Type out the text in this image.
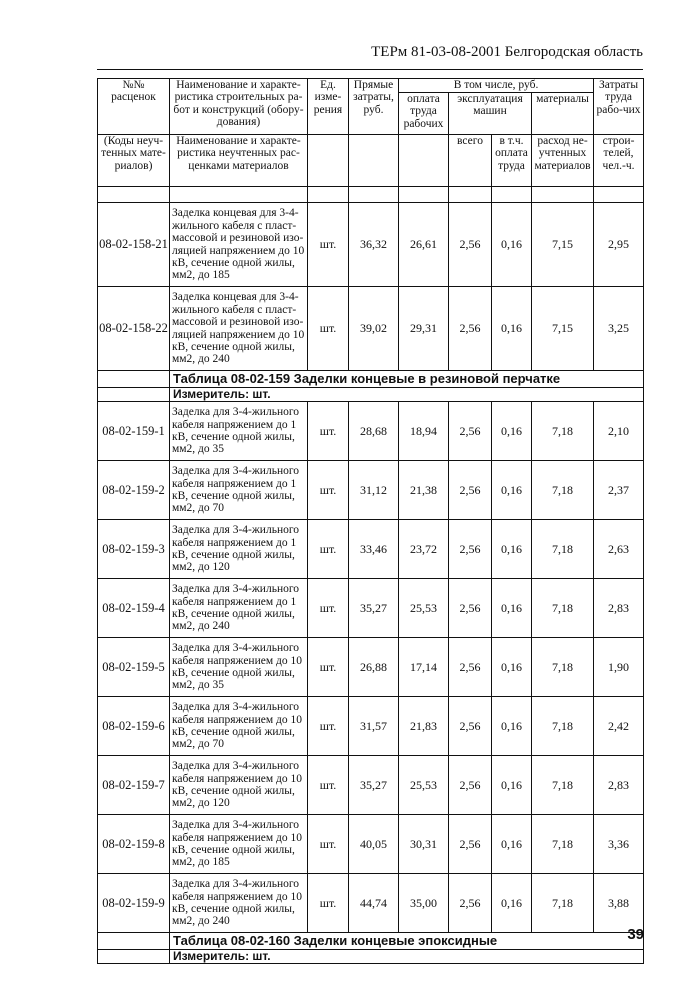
ТЕРм 81-03-08-2001 Белгородская область
№№ расценок	Наименование и характе-ристика строительных ра-бот и конструкций (обору-дования)	Ед. изме-рения	Прямые затраты, руб.	В том числе, руб.				Затраты труда рабо-чих
				оплата труда рабочих	эксплуатация машин		материалы	

(Коды неуч-тенных мате-риалов)	Наименование и характе-ристика неучтенных рас-ценками материалов				всего	в т.ч. оплата труда	расход не-учтенных материалов	строи-телей, чел.-ч.

08-02-158-21	Заделка концевая для 3-4-жильного кабеля с пласт-массовой и резиновой изо-ляцией напряжением до 10 кВ, сечение одной жилы, мм2, до 185	шт.	36,32	26,61	2,56	0,16	7,15	2,95
08-02-158-22	Заделка концевая для 3-4-жильного кабеля с пласт-массовой и резиновой изо-ляцией напряжением до 10 кВ, сечение одной жилы, мм2, до 240	шт.	39,02	29,31	2,56	0,16	7,15	3,25
	Таблица 08-02-159 Заделки концевые в резиновой перчатке							
	Измеритель: шт.							
08-02-159-1	Заделка для 3-4-жильного кабеля напряжением до 1 кВ, сечение одной жилы, мм2, до 35	шт.	28,68	18,94	2,56	0,16	7,18	2,10
08-02-159-2	Заделка для 3-4-жильного кабеля напряжением до 1 кВ, сечение одной жилы, мм2, до 70	шт.	31,12	21,38	2,56	0,16	7,18	2,37
08-02-159-3	Заделка для 3-4-жильного кабеля напряжением до 1 кВ, сечение одной жилы, мм2, до 120	шт.	33,46	23,72	2,56	0,16	7,18	2,63
08-02-159-4	Заделка для 3-4-жильного кабеля напряжением до 1 кВ, сечение одной жилы, мм2, до 240	шт.	35,27	25,53	2,56	0,16	7,18	2,83
08-02-159-5	Заделка для 3-4-жильного кабеля напряжением до 10 кВ, сечение одной жилы, мм2, до 35	шт.	26,88	17,14	2,56	0,16	7,18	1,90
08-02-159-6	Заделка для 3-4-жильного кабеля напряжением до 10 кВ, сечение одной жилы, мм2, до 70	шт.	31,57	21,83	2,56	0,16	7,18	2,42
08-02-159-7	Заделка для 3-4-жильного кабеля напряжением до 10 кВ, сечение одной жилы, мм2, до 120	шт.	35,27	25,53	2,56	0,16	7,18	2,83
08-02-159-8	Заделка для 3-4-жильного кабеля напряжением до 10 кВ, сечение одной жилы, мм2, до 185	шт.	40,05	30,31	2,56	0,16	7,18	3,36
08-02-159-9	Заделка для 3-4-жильного кабеля напряжением до 10 кВ, сечение одной жилы, мм2, до 240	шт.	44,74	35,00	2,56	0,16	7,18	3,88
	Таблица 08-02-160 Заделки концевые эпоксидные							
	Измеритель: шт.							
39
